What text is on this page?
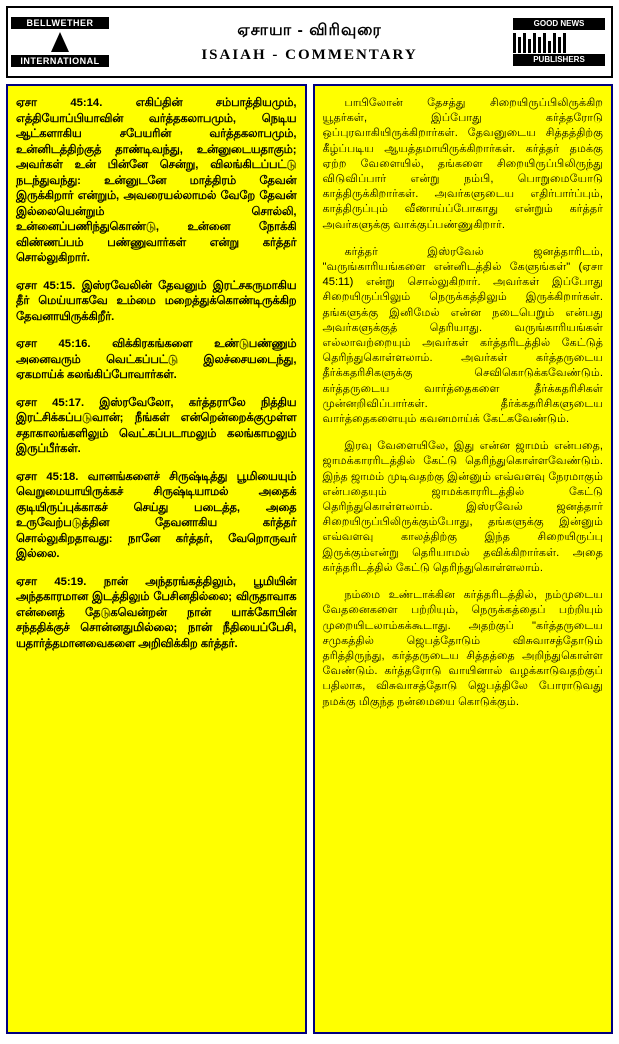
BELLWETHER
INTERNATIONAL
ஏசாயா - விரிவுரை
ISAIAH - COMMENTARY
GOOD NEWS
PUBLISHERS

ஏசா 45:14. எகிப்தின் சம்பாத்தியமும், எத்தியோப்பியாவின் வர்த்தகலாபமும், நெடிய ஆட்களாகிய சபேயரின் வர்த்தகலாபமும், உன்னிடத்திற்குத் தாண்டிவந்து, உன்னுடையதாகும்; அவர்கள் உன் பின்னே சென்று, விலங்கிடப்பட்டு நடந்துவந்து: உன்னுடனே மாத்திரம் தேவன் இருக்கிறார் என்றும், அவரையல்லாமல் வேறே தேவன் இல்லையென்றும் சொல்லி, உன்னைப்பணிந்துகொண்டு, உன்னை நோக்கி விண்ணப்பம் பண்ணுவார்கள் என்று கர்த்தர் சொல்லுகிறார்.

ஏசா 45:15. இஸ்ரவேலின் தேவனும் இரட்சகருமாகிய தீர் மெய்யாகவே உம்மை மறைத்துக்கொண்டிருக்கிற தேவனாயிருக்கிறீர்.

ஏசா 45:16. விக்கிரகங்களை உண்டுபண்ணும் அனைவரும் வெட்கப்பட்டு இலச்சையடைந்து, ஏகமாய்க் கலங்கிப்போவார்கள்.

ஏசா 45:17. இஸ்ரவேலோ, கர்த்தராலே நித்திய இரட்சிக்கப்படுவான்; நீங்கள் என்றென்றைக்குமுள்ள சதாகாலங்களிலும் வெட்கப்படாமலும் கலங்காமலும் இருப்பீர்கள்.

ஏசா 45:18. வானங்களைச் சிருஷ்டித்து பூமியையும் வெறுமையாயிருக்கச் சிருஷ்டியாமல் அதைக் குடியிருப்புக்காகச் செய்து படைத்த, அதை உருவேற்படுத்தின தேவனாகிய கர்த்தர் சொல்லுகிறதாவது: நானே கர்த்தர், வேறொருவர் இல்லை.

ஏசா 45:19. நான் அந்தரங்கத்திலும், பூமியின் அந்தகாரமான இடத்திலும் பேசினதில்லை; விருதாவாக என்னைத் தேடுகவென்றன் நான் யாக்கோபின் சந்ததிக்குச் சொன்னதுமில்லை; நான் நீதியைப்பேசி, யதார்த்தமானவைகளை அறிவிக்கிற கர்த்தர்.

பாபிலோன் தேசத்து சிறையிருப்பிலிருக்கிற யூதர்கள், இப்போது கர்த்தரோடு ஒப்புரவாகியிருக்கிறார்கள். தேவனுடைய சித்தத்திற்கு கீழ்ப்படிய ஆயத்தமாயிருக்கிறார்கள். கர்த்தர் தமக்கு ஏற்ற வேளையில், தங்களை சிறையிருப்பிலிருந்து விடுவிப்பார் என்று நம்பி, பொறுமையோடு காத்திருக்கிறார்கள். அவர்களுடைய எதிர்பார்ப்பும், காத்திருப்பும் வீணாய்ப்போகாது என்றும் கர்த்தர் அவர்களுக்கு வாக்குப்பண்ணுகிறார்.

கர்த்தர் இஸ்ரவேல் ஜனத்தாரிடம், "வருங்காரியங்களை என்னிடத்தில் கேளுங்கள்" (ஏசா 45:11) என்று சொல்லுகிறார். அவர்கள் இப்போது சிறையிருப்பிலும் நெருக்கத்திலும் இருக்கிறார்கள். தங்களுக்கு இனிமேல் என்ன நடைபெறும் என்பது அவர்களுக்குத் தெரியாது. வருங்காரியங்கள் எல்லாவற்றையும் அவர்கள் கர்த்தரிடத்தில் கேட்டுத் தெரிந்துகொள்ளலாம். அவர்கள் கர்த்தருடைய தீர்க்கதரிசிகளுக்கு செவிகொடுக்கவேண்டும். கர்த்தருடைய வார்த்தைகளை தீர்க்கதரிசிகள் முன்னறிவிப்பார்கள். தீர்க்கதரிசிகளுடைய வார்த்தைகளையும் கவனமாய்க் கேட்கவேண்டும்.

இரவு வேளையிலே, இது என்ன ஜாமம் என்பதை, ஜாமக்காரரிடத்தில் கேட்டு தெரிந்துகொள்ளவேண்டும். இந்த ஜாமம் முடிவதற்கு இன்னும் எவ்வளவு நேரமாகும் என்பதையும் ஜாமக்காரரிடத்தில் கேட்டு தெரிந்துகொள்ளலாம். இஸ்ரவேல் ஜனத்தார் சிறையிருப்பிலிருக்கும்போது, தங்களுக்கு இன்னும் எவ்வளவு காலத்திற்கு இந்த சிறையிருப்பு இருக்கும்என்று தெரியாமல் தவிக்கிறார்கள். அதை கர்த்தரிடத்தில் கேட்டு தெரிந்துகொள்ளலாம்.

நம்மை உண்டாக்கின கர்த்தரிடத்தில், நம்முடைய வேதனைகளை பற்றியும், நெருக்கத்தைப் பற்றியும் முறையிடலாம்கக்கூடாது. அதற்குப் "கர்த்தருடைய சமுகத்தில் ஜெபத்தோடும் விசுவாசத்தோடும் தரித்திருந்து, கர்த்தருடைய சித்தத்தை அறிந்துகொள்ள வேண்டும். கர்த்தரோடு வாயினால் வழக்காடுவதற்குப் பதிலாக, விசுவாசத்தோடு ஜெபத்திலே போராடுவது நமக்கு மிகுந்த நன்மையை கொடுக்கும்.
